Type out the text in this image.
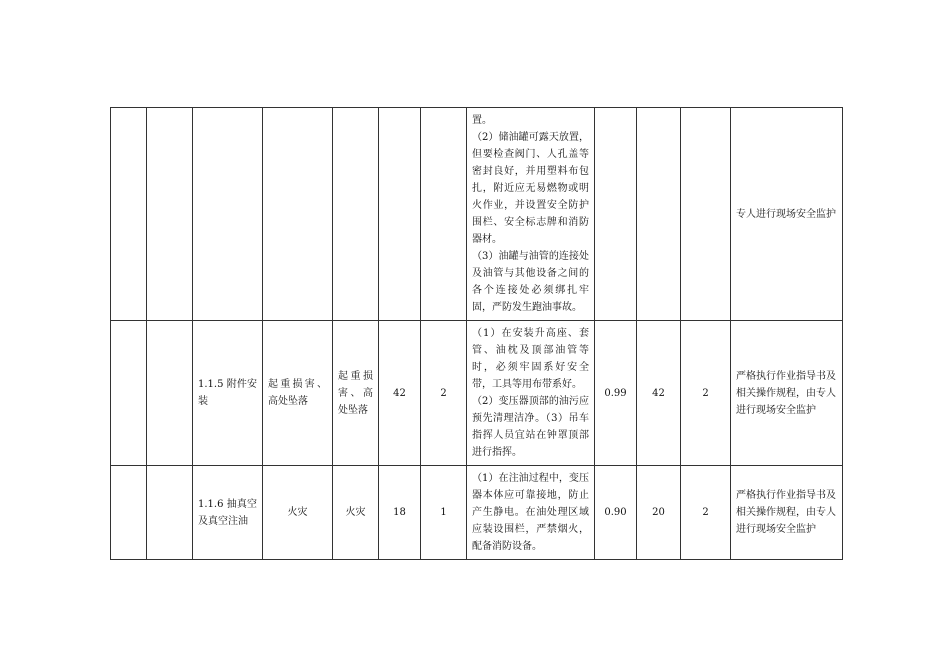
							置。
（2）储油罐可露天放置，但要检查阀门、人孔盖等密封良好，并用塑料布包扎，附近应无易燃物或明火作业，并设置安全防护围栏、安全标志牌和消防器材。
（3）油罐与油管的连接处及油管与其他设备之间的各个连接处必须绑扎牢固，严防发生跑油事故。				专人进行现场安全监护
		1.1.5 附件安装	起重损害、高处坠落	起重损害、高处坠落	42	2	（1）在安装升高座、套管、油枕及顶部油管等时，必须牢固系好安全带，工具等用布带系好。
（2）变压器顶部的油污应预先清理洁净。（3）吊车指挥人员宜站在钟罩顶部进行指挥。	0.99	42	2	严格执行作业指导书及相关操作规程，由专人进行现场安全监护
		1.1.6 抽真空及真空注油	火灾	火灾	18	1	（1）在注油过程中，变压器本体应可靠接地，防止产生静电。在油处理区域应装设围栏，严禁烟火，配备消防设备。	0.90	20	2	严格执行作业指导书及相关操作规程，由专人进行现场安全监护
